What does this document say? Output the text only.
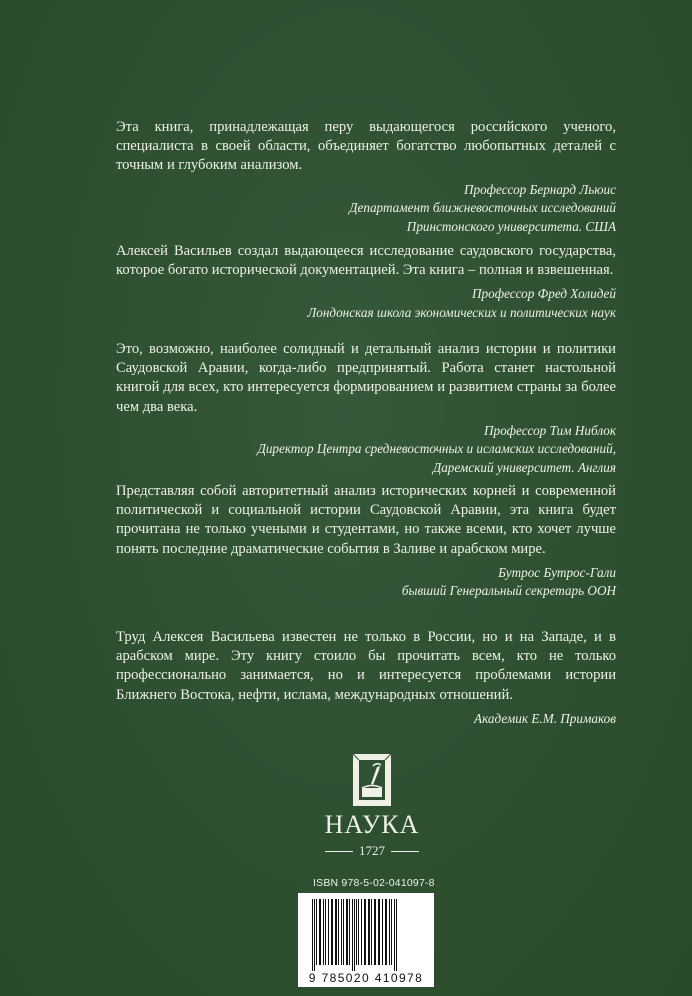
Эта книга, принадлежащая перу выдающегося российского ученого, специалиста в своей области, объединяет богатство любопытных деталей с точным и глубоким анализом.

Профессор Бернард Льюис
Департамент ближневосточных исследований
Принстонского университета. США

Алексей Васильев создал выдающееся исследование саудовского государства, которое богато исторической документацией. Эта книга – полная и взвешенная.

Профессор Фред Холидей
Лондонская школа экономических и политических наук

Это, возможно, наиболее солидный и детальный анализ истории и политики Саудовской Аравии, когда-либо предпринятый. Работа станет настольной книгой для всех, кто интересуется формированием и развитием страны за более чем два века.

Профессор Тим Ниблок
Директор Центра средневосточных и исламских исследований,
Даремский университет. Англия

Представляя собой авторитетный анализ исторических корней и современной политической и социальной истории Саудовской Аравии, эта книга будет прочитана не только учеными и студентами, но также всеми, кто хочет лучше понять последние драматические события в Заливе и арабском мире.

Бутрос Бутрос-Гали
бывший Генеральный секретарь ООН

Труд Алексея Васильева известен не только в России, но и на Западе, и в арабском мире. Эту книгу стоило бы прочитать всем, кто не только профессионально занимается, но и интересуется проблемами истории Ближнего Востока, нефти, ислама, международных отношений.

Академик Е.М. Примаков
НАУКА
1727
ISBN 978-5-02-041097-8
9 785020 410978
